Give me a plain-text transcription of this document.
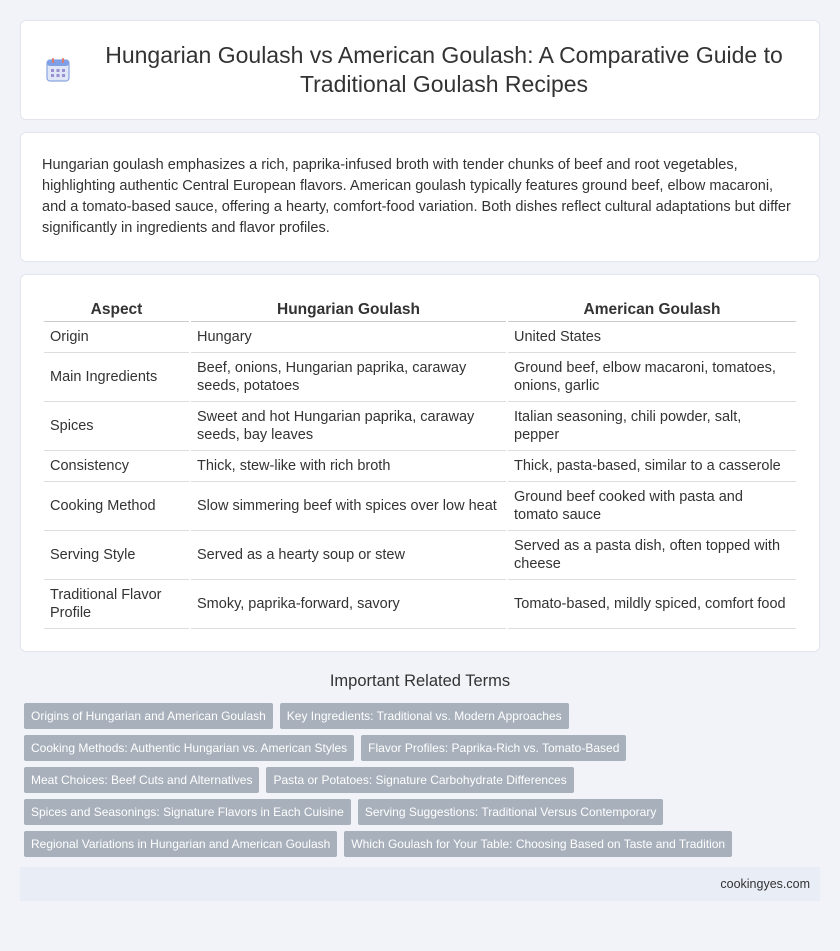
Hungarian Goulash vs American Goulash: A Comparative Guide to Traditional Goulash Recipes

Hungarian goulash emphasizes a rich, paprika-infused broth with tender chunks of beef and root vegetables, highlighting authentic Central European flavors. American goulash typically features ground beef, elbow macaroni, and a tomato-based sauce, offering a hearty, comfort-food variation. Both dishes reflect cultural adaptations but differ significantly in ingredients and flavor profiles.

Aspect	Hungarian Goulash	American Goulash
Origin	Hungary	United States
Main Ingredients	Beef, onions, Hungarian paprika, caraway seeds, potatoes	Ground beef, elbow macaroni, tomatoes, onions, garlic
Spices	Sweet and hot Hungarian paprika, caraway seeds, bay leaves	Italian seasoning, chili powder, salt, pepper
Consistency	Thick, stew-like with rich broth	Thick, pasta-based, similar to a casserole
Cooking Method	Slow simmering beef with spices over low heat	Ground beef cooked with pasta and tomato sauce
Serving Style	Served as a hearty soup or stew	Served as a pasta dish, often topped with cheese
Traditional Flavor Profile	Smoky, paprika-forward, savory	Tomato-based, mildly spiced, comfort food
Important Related Terms
Origins of Hungarian and American Goulash	Key Ingredients: Traditional vs. Modern Approaches
Cooking Methods: Authentic Hungarian vs. American Styles	Flavor Profiles: Paprika-Rich vs. Tomato-Based
Meat Choices: Beef Cuts and Alternatives	Pasta or Potatoes: Signature Carbohydrate Differences
Spices and Seasonings: Signature Flavors in Each Cuisine	Serving Suggestions: Traditional Versus Contemporary
Regional Variations in Hungarian and American Goulash	Which Goulash for Your Table: Choosing Based on Taste and Tradition
cookingyes.com
